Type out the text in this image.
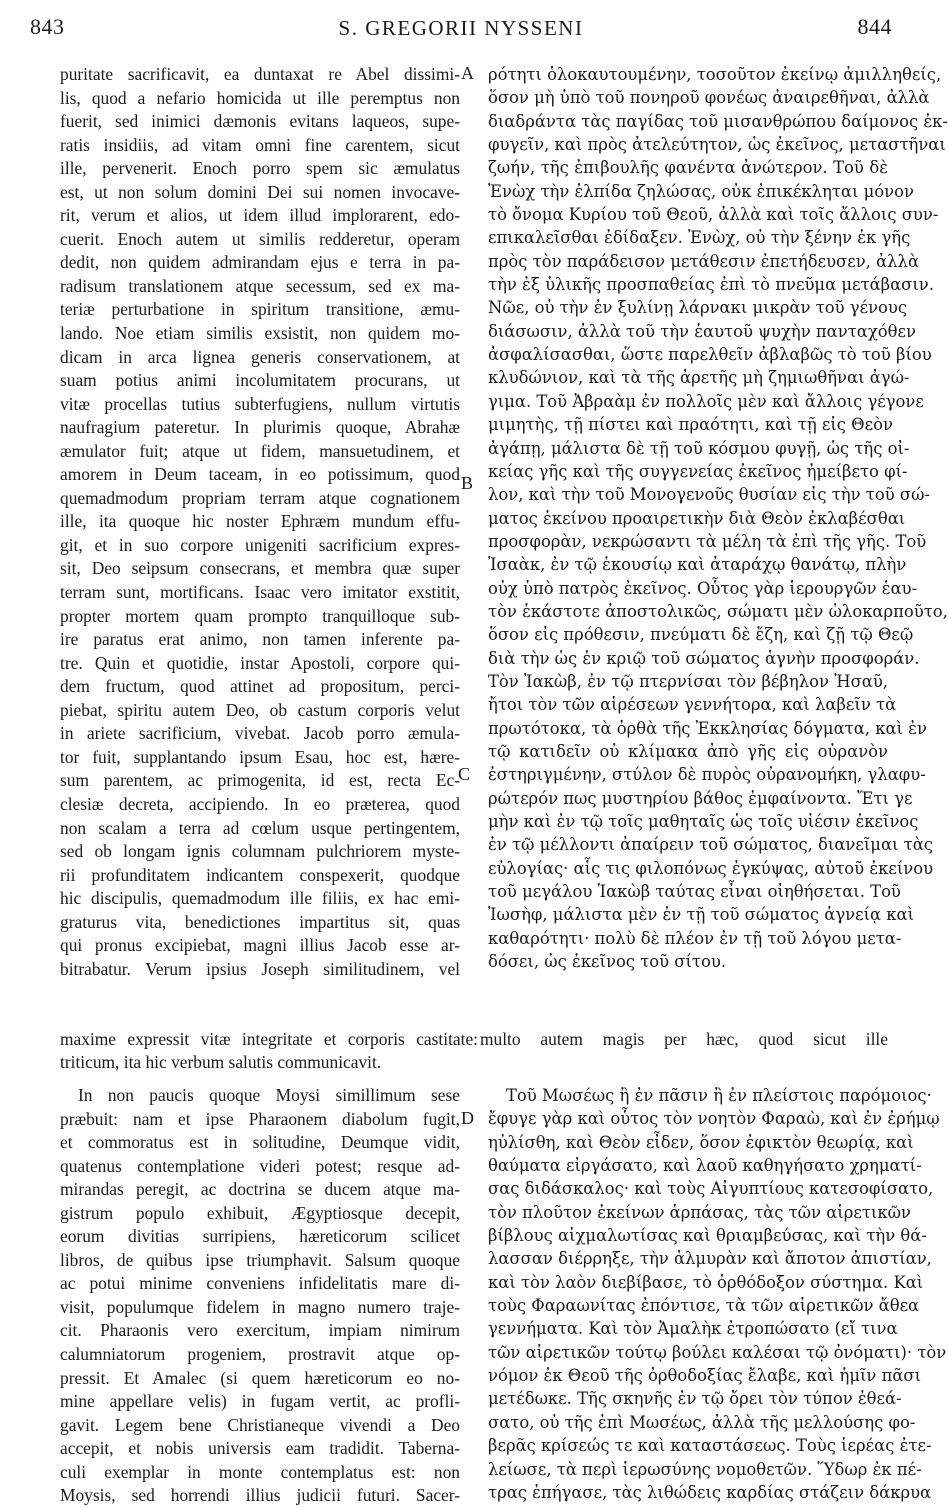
843	S. GREGORII NYSSENI	844
A
B
C
D
puritate sacrificavit, ea duntaxat re Abel dissimi-
lis, quod a nefario homicida ut ille peremptus non
fuerit, sed inimici dæmonis evitans laqueos, supe-
ratis insidiis, ad vitam omni fine carentem, sicut
ille, pervenerit. Enoch porro spem sic æmulatus
est, ut non solum domini Dei sui nomen invocave-
rit, verum et alios, ut idem illud implorarent, edo-
cuerit. Enoch autem ut similis redderetur, operam
dedit, non quidem admirandam ejus e terra in pa-
radisum translationem atque secessum, sed ex ma-
teriæ perturbatione in spiritum transitione, æmu-
lando. Noe etiam similis exsistit, non quidem mo-
dicam in arca lignea generis conservationem, at
suam potius animi incolumitatem procurans, ut
vitæ procellas tutius subterfugiens, nullum virtutis
naufragium pateretur. In plurimis quoque, Abrahæ
æmulator fuit; atque ut fidem, mansuetudinem, et
amorem in Deum taceam, in eo potissimum, quod
quemadmodum propriam terram atque cognationem
ille, ita quoque hic noster Ephræm mundum effu-
git, et in suo corpore unigeniti sacrificium expres-
sit, Deo seipsum consecrans, et membra quæ super
terram sunt, mortificans. Isaac vero imitator exstitit,
propter mortem quam prompto tranquilloque sub-
ire paratus erat animo, non tamen inferente pa-
tre. Quin et quotidie, instar Apostoli, corpore qui-
dem fructum, quod attinet ad propositum, perci-
piebat, spiritu autem Deo, ob castum corporis velut
in ariete sacrificium, vivebat. Jacob porro æmula-
tor fuit, supplantando ipsum Esau, hoc est, hære-
sum parentem, ac primogenita, id est, recta Ec-
clesiæ decreta, accipiendo. In eo præterea, quod
non scalam a terra ad cœlum usque pertingentem,
sed ob longam ignis columnam pulchriorem myste-
rii profunditatem indicantem conspexerit, quodque
hic discipulis, quemadmodum ille filiis, ex hac emi-
graturus vita, benedictiones impartitus sit, quas
qui pronus excipiebat, magni illius Jacob esse ar-
bitrabatur. Verum ipsius Joseph similitudinem, vel
ρότητι ὁλοκαυτουμένην, τοσοῦτον ἐκείνῳ ἀμιλληθείς,
ὅσον μὴ ὑπὸ τοῦ πονηροῦ φονέως ἀναιρεθῆναι, ἀλλὰ
διαδράντα τὰς παγίδας τοῦ μισανθρώπου δαίμονος ἐκ-
φυγεῖν, καὶ πρὸς ἀτελεύτητον, ὡς ἐκεῖνος, μεταστῆναι
ζωήν, τῆς ἐπιβουλῆς φανέντα ἀνώτερον. Τοῦ δὲ
Ἐνὼχ τὴν ἐλπίδα ζηλώσας, οὐκ ἐπικέκληται μόνον
τὸ ὄνομα Κυρίου τοῦ Θεοῦ, ἀλλὰ καὶ τοῖς ἄλλοις συν-
επικαλεῖσθαι ἐδίδαξεν. Ἐνὼχ, οὐ τὴν ξένην ἐκ γῆς
πρὸς τὸν παράδεισον μετάθεσιν ἐπετήδευσεν, ἀλλὰ
τὴν ἐξ ὑλικῆς προσπαθείας ἐπὶ τὸ πνεῦμα μετάβασιν.
Νῶε, οὐ τὴν ἐν ξυλίνῃ λάρνακι μικρὰν τοῦ γένους
διάσωσιν, ἀλλὰ τοῦ τὴν ἑαυτοῦ ψυχὴν πανταχόθεν
ἀσφαλίσασθαι, ὥστε παρελθεῖν ἀβλαβῶς τὸ τοῦ βίου
κλυδώνιον, καὶ τὰ τῆς ἀρετῆς μὴ ζημιωθῆναι ἀγώ-
γιμα. Τοῦ Ἀβραὰμ ἐν πολλοῖς μὲν καὶ ἄλλοις γέγονε
μιμητὴς, τῇ πίστει καὶ πραότητι, καὶ τῇ εἰς Θεὸν
ἀγάπῃ, μάλιστα δὲ τῇ τοῦ κόσμου φυγῇ, ὡς τῆς οἰ-
κείας γῆς καὶ τῆς συγγενείας ἐκεῖνος ἠμείβετο φί-
λον, καὶ τὴν τοῦ Μονογενοῦς θυσίαν εἰς τὴν τοῦ σώ-
ματος ἐκείνου προαιρετικὴν διὰ Θεὸν ἐκλαβέσθαι
προσφορὰν, νεκρώσαντι τὰ μέλη τὰ ἐπὶ τῆς γῆς. Τοῦ
Ἰσαὰκ, ἐν τῷ ἑκουσίῳ καὶ ἀταράχῳ θανάτῳ, πλὴν
οὐχ ὑπὸ πατρὸς ἐκεῖνος. Οὗτος γὰρ ἱερουργῶν ἑαυ-
τὸν ἑκάστοτε ἀποστολικῶς, σώματι μὲν ὡλοκαρποῦτο,
ὅσον εἰς πρόθεσιν, πνεύματι δὲ ἔζη, καὶ ζῇ τῷ Θεῷ
διὰ τὴν ὡς ἐν κριῷ τοῦ σώματος ἁγνὴν προσφοράν.
Τὸν Ἰακὼβ, ἐν τῷ πτερνίσαι τὸν βέβηλον Ἠσαῦ,
ἤτοι τὸν τῶν αἱρέσεων γεννήτορα, καὶ λαβεῖν τὰ
πρωτότοκα, τὰ ὀρθὰ τῆς Ἐκκλησίας δόγματα, καὶ ἐν
τῷ κατιδεῖν οὐ κλίμακα ἀπὸ γῆς εἰς οὐρανὸν
ἐστηριγμένην, στύλον δὲ πυρὸς οὐρανομήκη, γλαφυ-
ρώτερόν πως μυστηρίου βάθος ἐμφαίνοντα. Ἔτι γε
μὴν καὶ ἐν τῷ τοῖς μαθηταῖς ὡς τοῖς υἱέσιν ἐκεῖνος
ἐν τῷ μέλλοντι ἀπαίρειν τοῦ σώματος, διανεῖμαι τὰς
εὐλογίας· αἷς τις φιλοπόνως ἐγκύψας, αὐτοῦ ἐκείνου
τοῦ μεγάλου Ἰακὼβ ταύτας εἶναι οἰηθήσεται. Τοῦ
Ἰωσὴφ, μάλιστα μὲν ἐν τῇ τοῦ σώματος ἁγνείᾳ καὶ
καθαρότητι· πολὺ δὲ πλέον ἐν τῇ τοῦ λόγου μετα-
δόσει, ὡς ἐκεῖνος τοῦ σίτου.
maxime expressit vitæ integritate et corporis castitate: multo autem magis per hæc, quod sicut ille
triticum, ita hic verbum salutis communicavit.
In non paucis quoque Moysi simillimum sese
præbuit: nam et ipse Pharaonem diabolum fugit,
et commoratus est in solitudine, Deumque vidit,
quatenus contemplatione videri potest; resque ad-
mirandas peregit, ac doctrina se ducem atque ma-
gistrum populo exhibuit, Ægyptiosque decepit,
eorum divitias surripiens, hæreticorum scilicet
libros, de quibus ipse triumphavit. Salsum quoque
ac potui minime conveniens infidelitatis mare di-
visit, populumque fidelem in magno numero traje-
cit. Pharaonis vero exercitum, impiam nimirum
calumniatorum progeniem, prostravit atque op-
pressit. Et Amalec (si quem hæreticorum eo no-
mine appellare velis) in fugam vertit, ac profli-
gavit. Legem bene Christianeque vivendi a Deo
accepit, et nobis universis eam tradidit. Taberna-
culi exemplar in monte contemplatus est: non
Moysis, sed horrendi illius judicii futuri. Sacer-
Τοῦ Μωσέως ἢ ἐν πᾶσιν ἢ ἐν πλείστοις παρόμοιος·
ἔφυγε γὰρ καὶ οὗτος τὸν νοητὸν Φαραὼ, καὶ ἐν ἐρήμῳ
ηὐλίσθη, καὶ Θεὸν εἶδεν, ὅσον ἐφικτὸν θεωρίᾳ, καὶ
θαύματα εἰργάσατο, καὶ λαοῦ καθηγήσατο χρηματί-
σας διδάσκαλος· καὶ τοὺς Αἰγυπτίους κατεσοφίσατο,
τὸν πλοῦτον ἐκείνων ἁρπάσας, τὰς τῶν αἱρετικῶν
βίβλους αἰχμαλωτίσας καὶ θριαμβεύσας, καὶ τὴν θά-
λασσαν διέρρηξε, τὴν ἁλμυρὰν καὶ ἄποτον ἀπιστίαν,
καὶ τὸν λαὸν διεβίβασε, τὸ ὀρθόδοξον σύστημα. Καὶ
τοὺς Φαραωνίτας ἐπόντισε, τὰ τῶν αἱρετικῶν ἄθεα
γεννήματα. Καὶ τὸν Ἀμαλὴκ ἐτροπώσατο (εἴ τινα
τῶν αἱρετικῶν τούτῳ βούλει καλέσαι τῷ ὀνόματι)· τὸν
νόμον ἐκ Θεοῦ τῆς ὀρθοδοξίας ἔλαβε, καὶ ἡμῖν πᾶσι
μετέδωκε. Τῆς σκηνῆς ἐν τῷ ὄρει τὸν τύπον ἐθεά-
σατο, οὐ τῆς ἐπὶ Μωσέως, ἀλλὰ τῆς μελλούσης φο-
βερᾶς κρίσεώς τε καὶ καταστάσεως. Τοὺς ἱερέας ἐτε-
λείωσε, τὰ περὶ ἱερωσύνης νομοθετῶν. Ὕδωρ ἐκ πέ-
τρας ἐπήγασε, τὰς λιθώδεις καρδίας στάζειν δάκρυα
